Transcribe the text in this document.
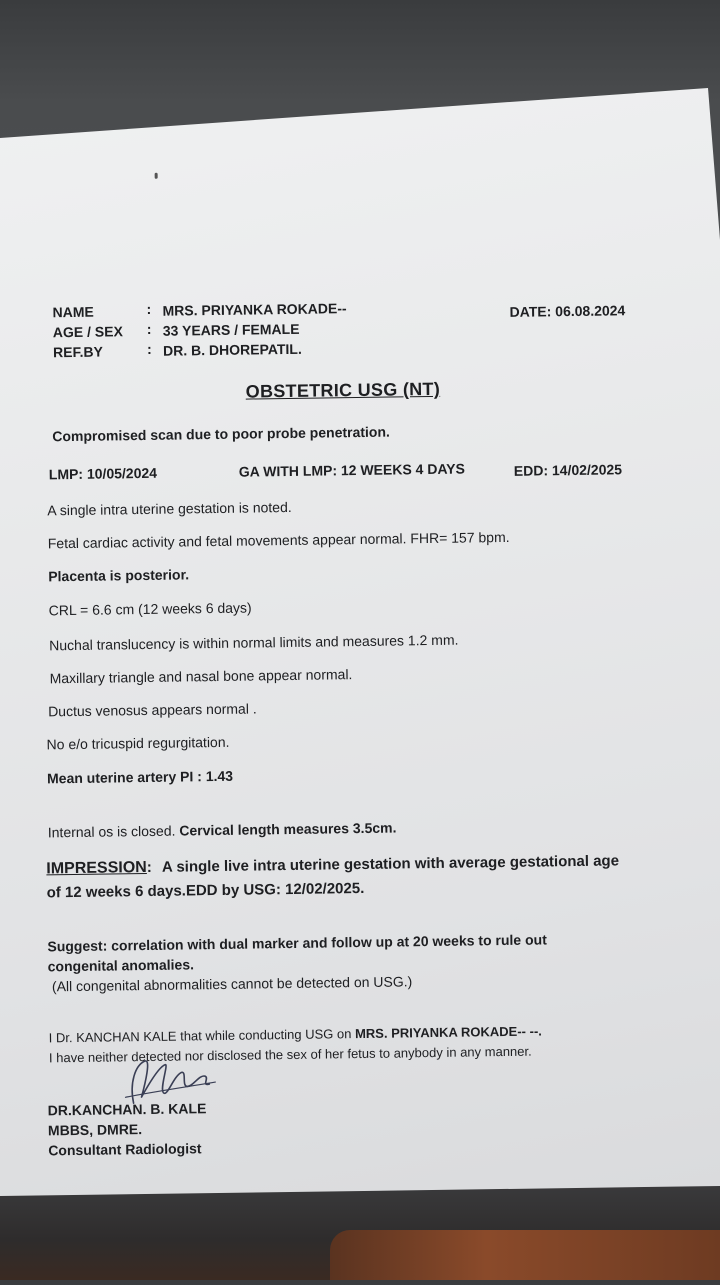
NAME	: MRS. PRIYANKA ROKADE--
AGE / SEX : 33 YEARS / FEMALE
REF.BY	: DR. B. DHOREPATIL.
DATE: 06.08.2024
OBSTETRIC USG (NT)
Compromised scan due to poor probe penetration.
LMP: 10/05/2024	GA WITH LMP: 12 WEEKS 4 DAYS	EDD: 14/02/2025
A single intra uterine gestation is noted.
Fetal cardiac activity and fetal movements appear normal. FHR= 157 bpm.
Placenta is posterior.
CRL = 6.6 cm (12 weeks 6 days)
Nuchal translucency is within normal limits and measures 1.2 mm.
Maxillary triangle and nasal bone appear normal.
Ductus venosus appears normal .
No e/o tricuspid regurgitation.
Mean uterine artery PI : 1.43
Internal os is closed. Cervical length measures 3.5cm.
IMPRESSION: A single live intra uterine gestation with average gestational age
of 12 weeks 6 days.EDD by USG: 12/02/2025.
Suggest: correlation with dual marker and follow up at 20 weeks to rule out
congenital anomalies.
(All congenital abnormalities cannot be detected on USG.)
I Dr. KANCHAN KALE that while conducting USG on MRS. PRIYANKA ROKADE-- --.
I have neither detected nor disclosed the sex of her fetus to anybody in any manner.
DR.KANCHAN. B. KALE
MBBS, DMRE.
Consultant Radiologist
